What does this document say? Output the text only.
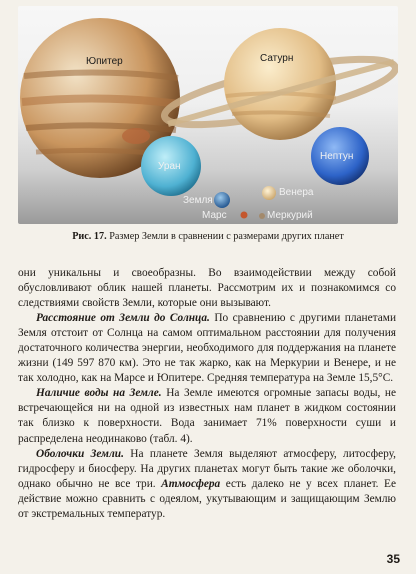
Юпитер	Сатурн
Уран
Нептун
Земля
Венера
Марс	Меркурий
Рис. 17. Размер Земли в сравнении с размерами других планет

они уникальны и своеобразны. Во взаимодействии между собой обусловливают облик нашей планеты. Рассмотрим их и познакомимся со следствиями свойств Земли, которые они вызывают.

Расстояние от Земли до Солнца. По сравнению с другими планетами Земля отстоит от Солнца на самом оптимальном расстоянии для получения достаточного количества энергии, необходимого для поддержания на планете жизни (149 597 870 км). Это не так жарко, как на Меркурии и Венере, и не так холодно, как на Марсе и Юпитере. Средняя температура на Земле 15,5°С.

Наличие воды на Земле. На Земле имеются огромные запасы воды, не встречающейся ни на одной из известных нам планет в жидком состоянии так близко к поверхности. Вода занимает 71% поверхности суши и распределена неодинаково (табл. 4).

Оболочки Земли. На планете Земля выделяют атмосферу, литосферу, гидросферу и биосферу. На других планетах могут быть такие же оболочки, однако обычно не все три. Атмосфера есть далеко не у всех планет. Ее действие можно сравнить с одеялом, укутывающим и защищающим Землю от экстремальных температур.

35
